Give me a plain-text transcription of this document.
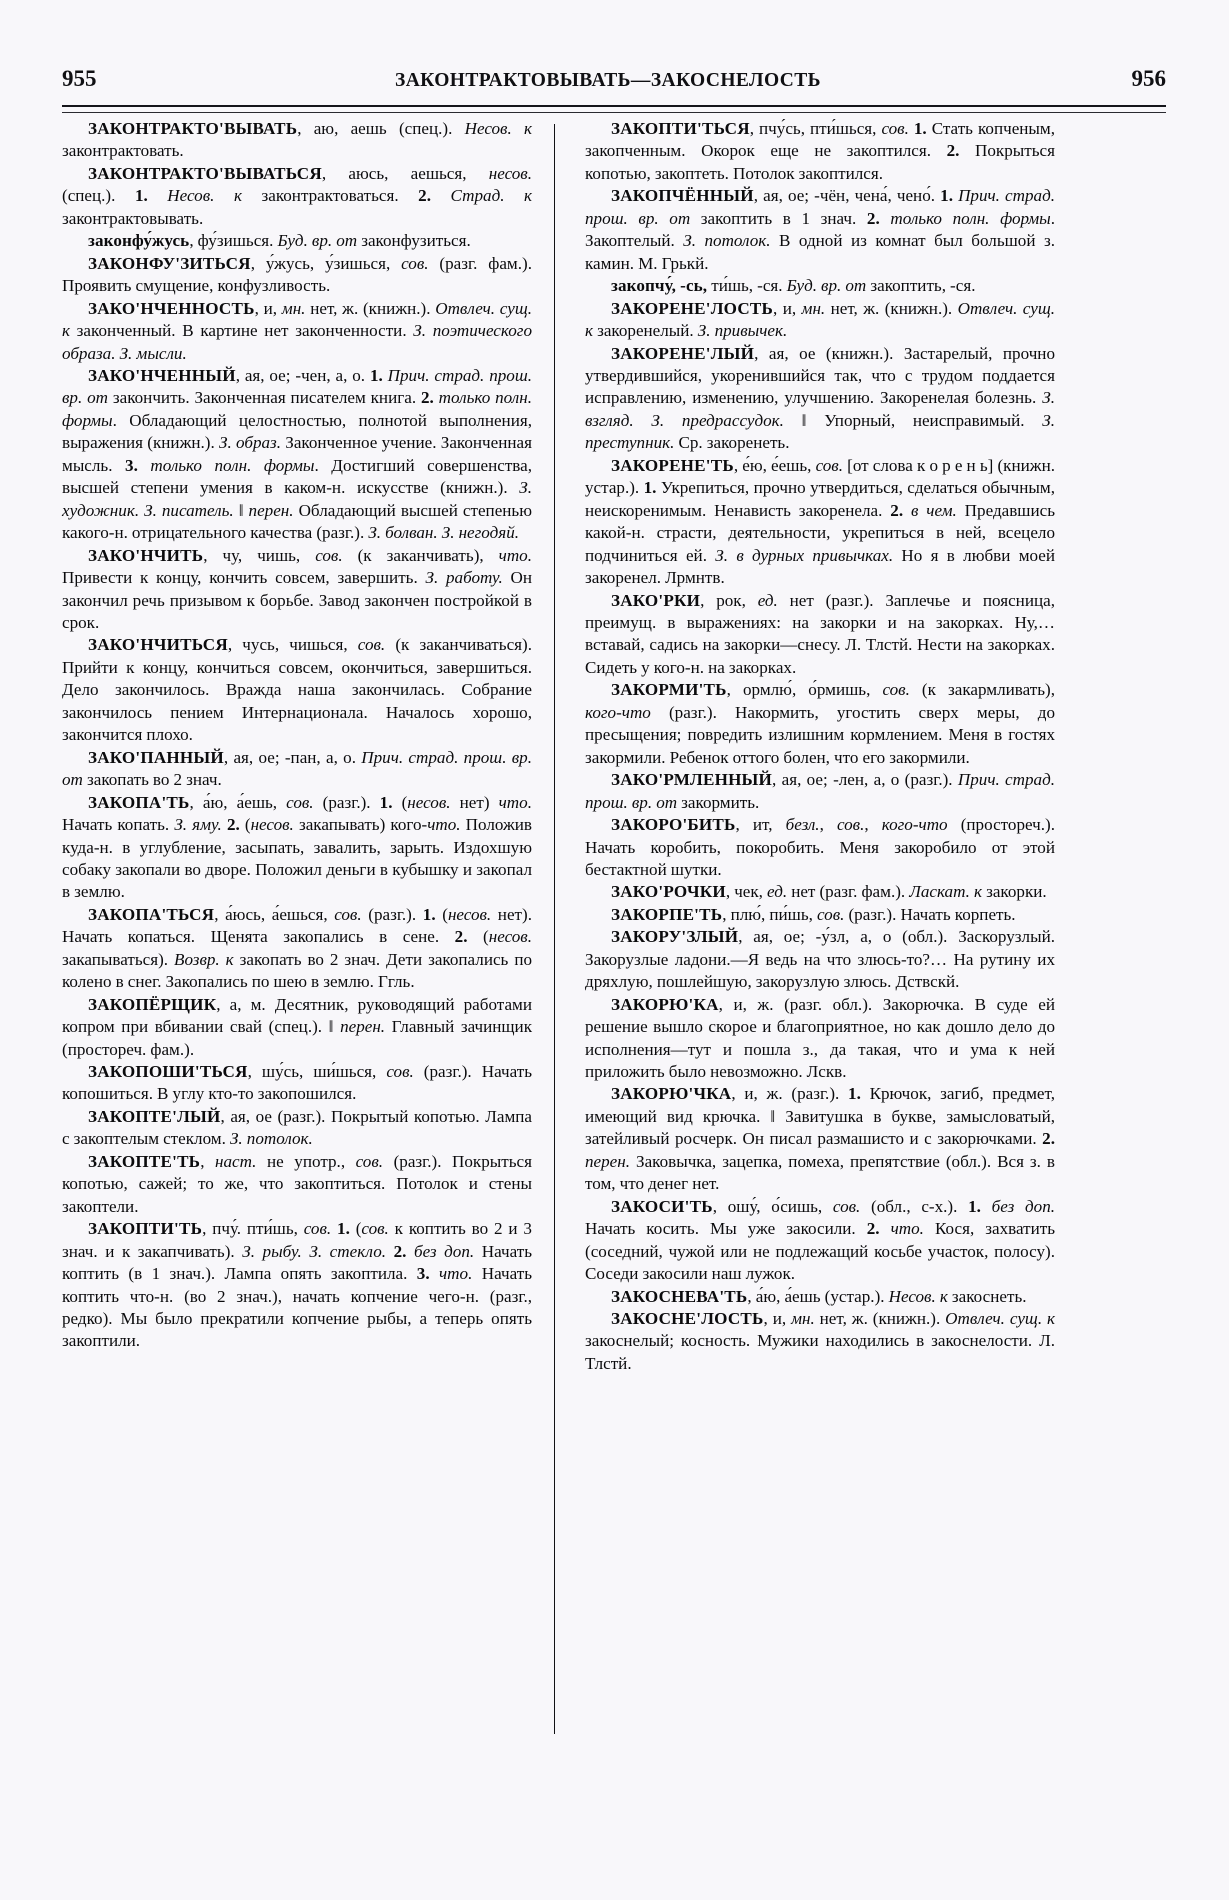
955	ЗАКОНТРАКТОВЫВАТЬ—ЗАКОСНЕЛОСТЬ	956

ЗАКОНТРАКТО'ВЫВАТЬ, аю, аешь (спец.). Несов. к законтрактовать.

ЗАКОНТРАКТО'ВЫВАТЬСЯ, аюсь, аешься, несов. (спец.). 1. Несов. к законтрактоваться. 2. Страд. к законтрактовывать.

законфу́жусь, фу́зишься. Буд. вр. от законфузиться.

ЗАКОНФУ'ЗИТЬСЯ, у́жусь, у́зишься, сов. (разг. фам.). Проявить смущение, конфузливость.

ЗАКО'НЧЕННОСТЬ, и, мн. нет, ж. (книжн.). Отвлеч. сущ. к законченный. В картине нет законченности. З. поэтического образа. З. мысли.

ЗАКО'НЧЕННЫЙ, ая, ое; -чен, а, о. 1. Прич. страд. прош. вр. от закончить. Законченная писателем книга. 2. только полн. формы. Обладающий целостностью, полнотой выполнения, выражения (книжн.). З. образ. Законченное учение. Законченная мысль. 3. только полн. формы. Достигший совершенства, высшей степени умения в каком-н. искусстве (книжн.). З. художник. З. писатель. ‖ перен. Обладающий высшей степенью какого-н. отрицательного качества (разг.). З. болван. З. негодяй.

ЗАКО'НЧИТЬ, чу, чишь, сов. (к заканчивать), что. Привести к концу, кончить совсем, завершить. З. работу. Он закончил речь призывом к борьбе. Завод закончен постройкой в срок.

ЗАКО'НЧИТЬСЯ, чусь, чишься, сов. (к заканчиваться). Прийти к концу, кончиться совсем, окончиться, завершиться. Дело закончилось. Вражда наша закончилась. Собрание закончилось пением Интернационала. Началось хорошо, закончится плохо.

ЗАКО'ПАННЫЙ, ая, ое; -пан, а, о. Прич. страд. прош. вр. от закопать во 2 знач.

ЗАКОПА'ТЬ, а́ю, а́ешь, сов. (разг.). 1. (несов. нет) что. Начать копать. З. яму. 2. (несов. закапывать) кого-что. Положив куда-н. в углубление, засыпать, завалить, зарыть. Издохшую собаку закопали во дворе. Положил деньги в кубышку и закопал в землю.

ЗАКОПА'ТЬСЯ, а́юсь, а́ешься, сов. (разг.). 1. (несов. нет). Начать копаться. Щенята закопались в сене. 2. (несов. закапываться). Возвр. к закопать во 2 знач. Дети закопались по колено в снег. Закопались по шею в землю. Ггль.

ЗАКОПЁРЩИК, а, м. Десятник, руководящий работами копром при вбивании свай (спец.). ‖ перен. Главный зачинщик (простореч. фам.).

ЗАКОПОШИ'ТЬСЯ, шу́сь, ши́шься, сов. (разг.). Начать копошиться. В углу кто-то закопошился.

ЗАКОПТЕ'ЛЫЙ, ая, ое (разг.). Покрытый копотью. Лампа с закоптелым стеклом. З. потолок.

ЗАКОПТЕ'ТЬ, наст. не употр., сов. (разг.). Покрыться копотью, сажей; то же, что закоптиться. Потолок и стены закоптели.

ЗАКОПТИ'ТЬ, пчу́. пти́шь, сов. 1. (сов. к коптить во 2 и 3 знач. и к закапчивать). З. рыбу. З. стекло. 2. без доп. Начать коптить (в 1 знач.). Лампа опять закоптила. 3. что. Начать коптить что-н. (во 2 знач.), начать копчение чего-н. (разг., редко). Мы было прекратили копчение рыбы, а теперь опять закоптили.

ЗАКОПТИ'ТЬСЯ, пчу́сь, пти́шься, сов. 1. Стать копченым, закопченным. Окорок еще не закоптился. 2. Покрыться копотью, закоптеть. Потолок закоптился.

ЗАКОПЧЁННЫЙ, ая, ое; -чён, чена́, чено́. 1. Прич. страд. прош. вр. от закоптить в 1 знач. 2. только полн. формы. Закоптелый. З. потолок. В одной из комнат был большой з. камин. М. Грькй.

закопчу́, -сь, ти́шь, -ся. Буд. вр. от закоптить, -ся.

ЗАКОРЕНЕ'ЛОСТЬ, и, мн. нет, ж. (книжн.). Отвлеч. сущ. к закоренелый. З. привычек.

ЗАКОРЕНЕ'ЛЫЙ, ая, ое (книжн.). Застарелый, прочно утвердившийся, укоренившийся так, что с трудом поддается исправлению, изменению, улучшению. Закоренелая болезнь. З. взгляд. З. предрассудок. ‖ Упорный, неисправимый. З. преступник. Ср. закоренеть.

ЗАКОРЕНЕ'ТЬ, е́ю, е́ешь, сов. [от слова к о р е н ь] (книжн. устар.). 1. Укрепиться, прочно утвердиться, сделаться обычным, неискоренимым. Ненависть закоренела. 2. в чем. Предавшись какой-н. страсти, деятельности, укрепиться в ней, всецело подчиниться ей. З. в дурных привычках. Но я в любви моей закоренел. Лрмнтв.

ЗАКО'РКИ, рок, ед. нет (разг.). Заплечье и поясница, преимущ. в выражениях: на закорки и на закорках. Ну,… вставай, садись на закорки—снесу. Л. Тлстй. Нести на закорках. Сидеть у кого-н. на закорках.

ЗАКОРМИ'ТЬ, ормлю́, о́рмишь, сов. (к закармливать), кого-что (разг.). Накормить, угостить сверх меры, до пресыщения; повредить излишним кормлением. Меня в гостях закормили. Ребенок оттого болен, что его закормили.

ЗАКО'РМЛЕННЫЙ, ая, ое; -лен, а, о (разг.). Прич. страд. прош. вр. от закормить.

ЗАКОРО'БИТЬ, ит, безл., сов., кого-что (простореч.). Начать коробить, покоробить. Меня закоробило от этой бестактной шутки.

ЗАКО'РОЧКИ, чек, ед. нет (разг. фам.). Ласкат. к закорки.

ЗАКОРПЕ'ТЬ, плю́, пи́шь, сов. (разг.). Начать корпеть.

ЗАКОРУ'ЗЛЫЙ, ая, ое; -у́зл, а, о (обл.). Заскорузлый. Закорузлые ладони.—Я ведь на что злюсь-то?… На рутину их дряхлую, пошлейшую, закорузлую злюсь. Дствскй.

ЗАКОРЮ'КА, и, ж. (разг. обл.). Закорючка. В суде ей решение вышло скорое и благоприятное, но как дошло дело до исполнения—тут и пошла з., да такая, что и ума к ней приложить было невозможно. Лскв.

ЗАКОРЮ'ЧКА, и, ж. (разг.). 1. Крючок, загиб, предмет, имеющий вид крючка. ‖ Завитушка в букве, замысловатый, затейливый росчерк. Он писал размашисто и с закорючками. 2. перен. Заковычка, зацепка, помеха, препятствие (обл.). Вся з. в том, что денег нет.

ЗАКОСИ'ТЬ, ошу́, о́сишь, сов. (обл., с-х.). 1. без доп. Начать косить. Мы уже закосили. 2. что. Кося, захватить (соседний, чужой или не подлежащий косьбе участок, полосу). Соседи закосили наш лужок.

ЗАКОСНЕВА'ТЬ, а́ю, а́ешь (устар.). Несов. к закоснеть.

ЗАКОСНЕ'ЛОСТЬ, и, мн. нет, ж. (книжн.). Отвлеч. сущ. к закоснелый; косность. Мужики находились в закоснелости. Л. Тлстй.
